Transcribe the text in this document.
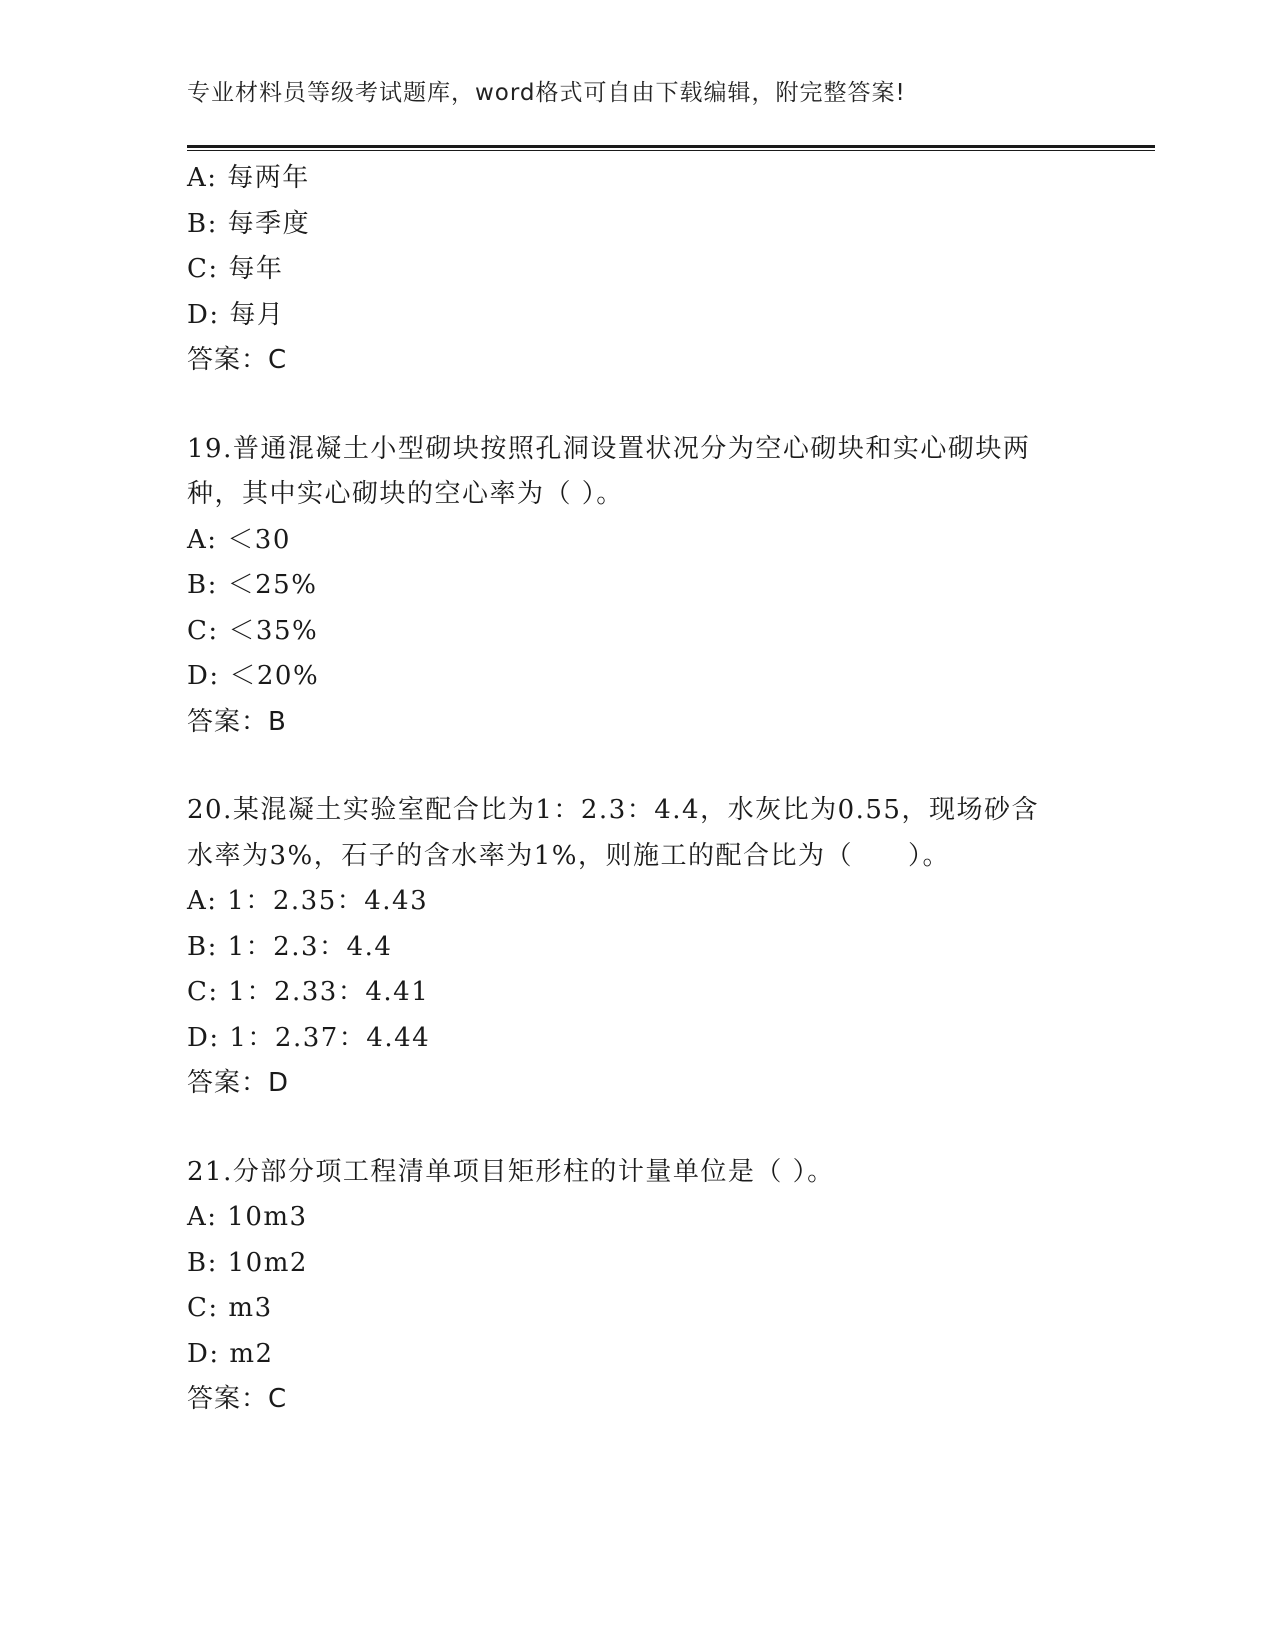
专业材料员等级考试题库，word格式可自由下载编辑，附完整答案!
A: 每两年
B: 每季度
C: 每年
D: 每月
答案：C
19.普通混凝土小型砌块按照孔洞设置状况分为空心砌块和实心砌块两
种，其中实心砌块的空心率为（ ）。
A: ＜30
B: ＜25%
C: ＜35%
D: ＜20%
答案：B
20.某混凝土实验室配合比为1：2.3：4.4，水灰比为0.55，现场砂含
水率为3%，石子的含水率为1%，则施工的配合比为（　　）。
A: 1：2.35：4.43
B: 1：2.3：4.4
C: 1：2.33：4.41
D: 1：2.37：4.44
答案：D
21.分部分项工程清单项目矩形柱的计量单位是（ ）。
A: 10m3
B: 10m2
C: m3
D: m2
答案：C
